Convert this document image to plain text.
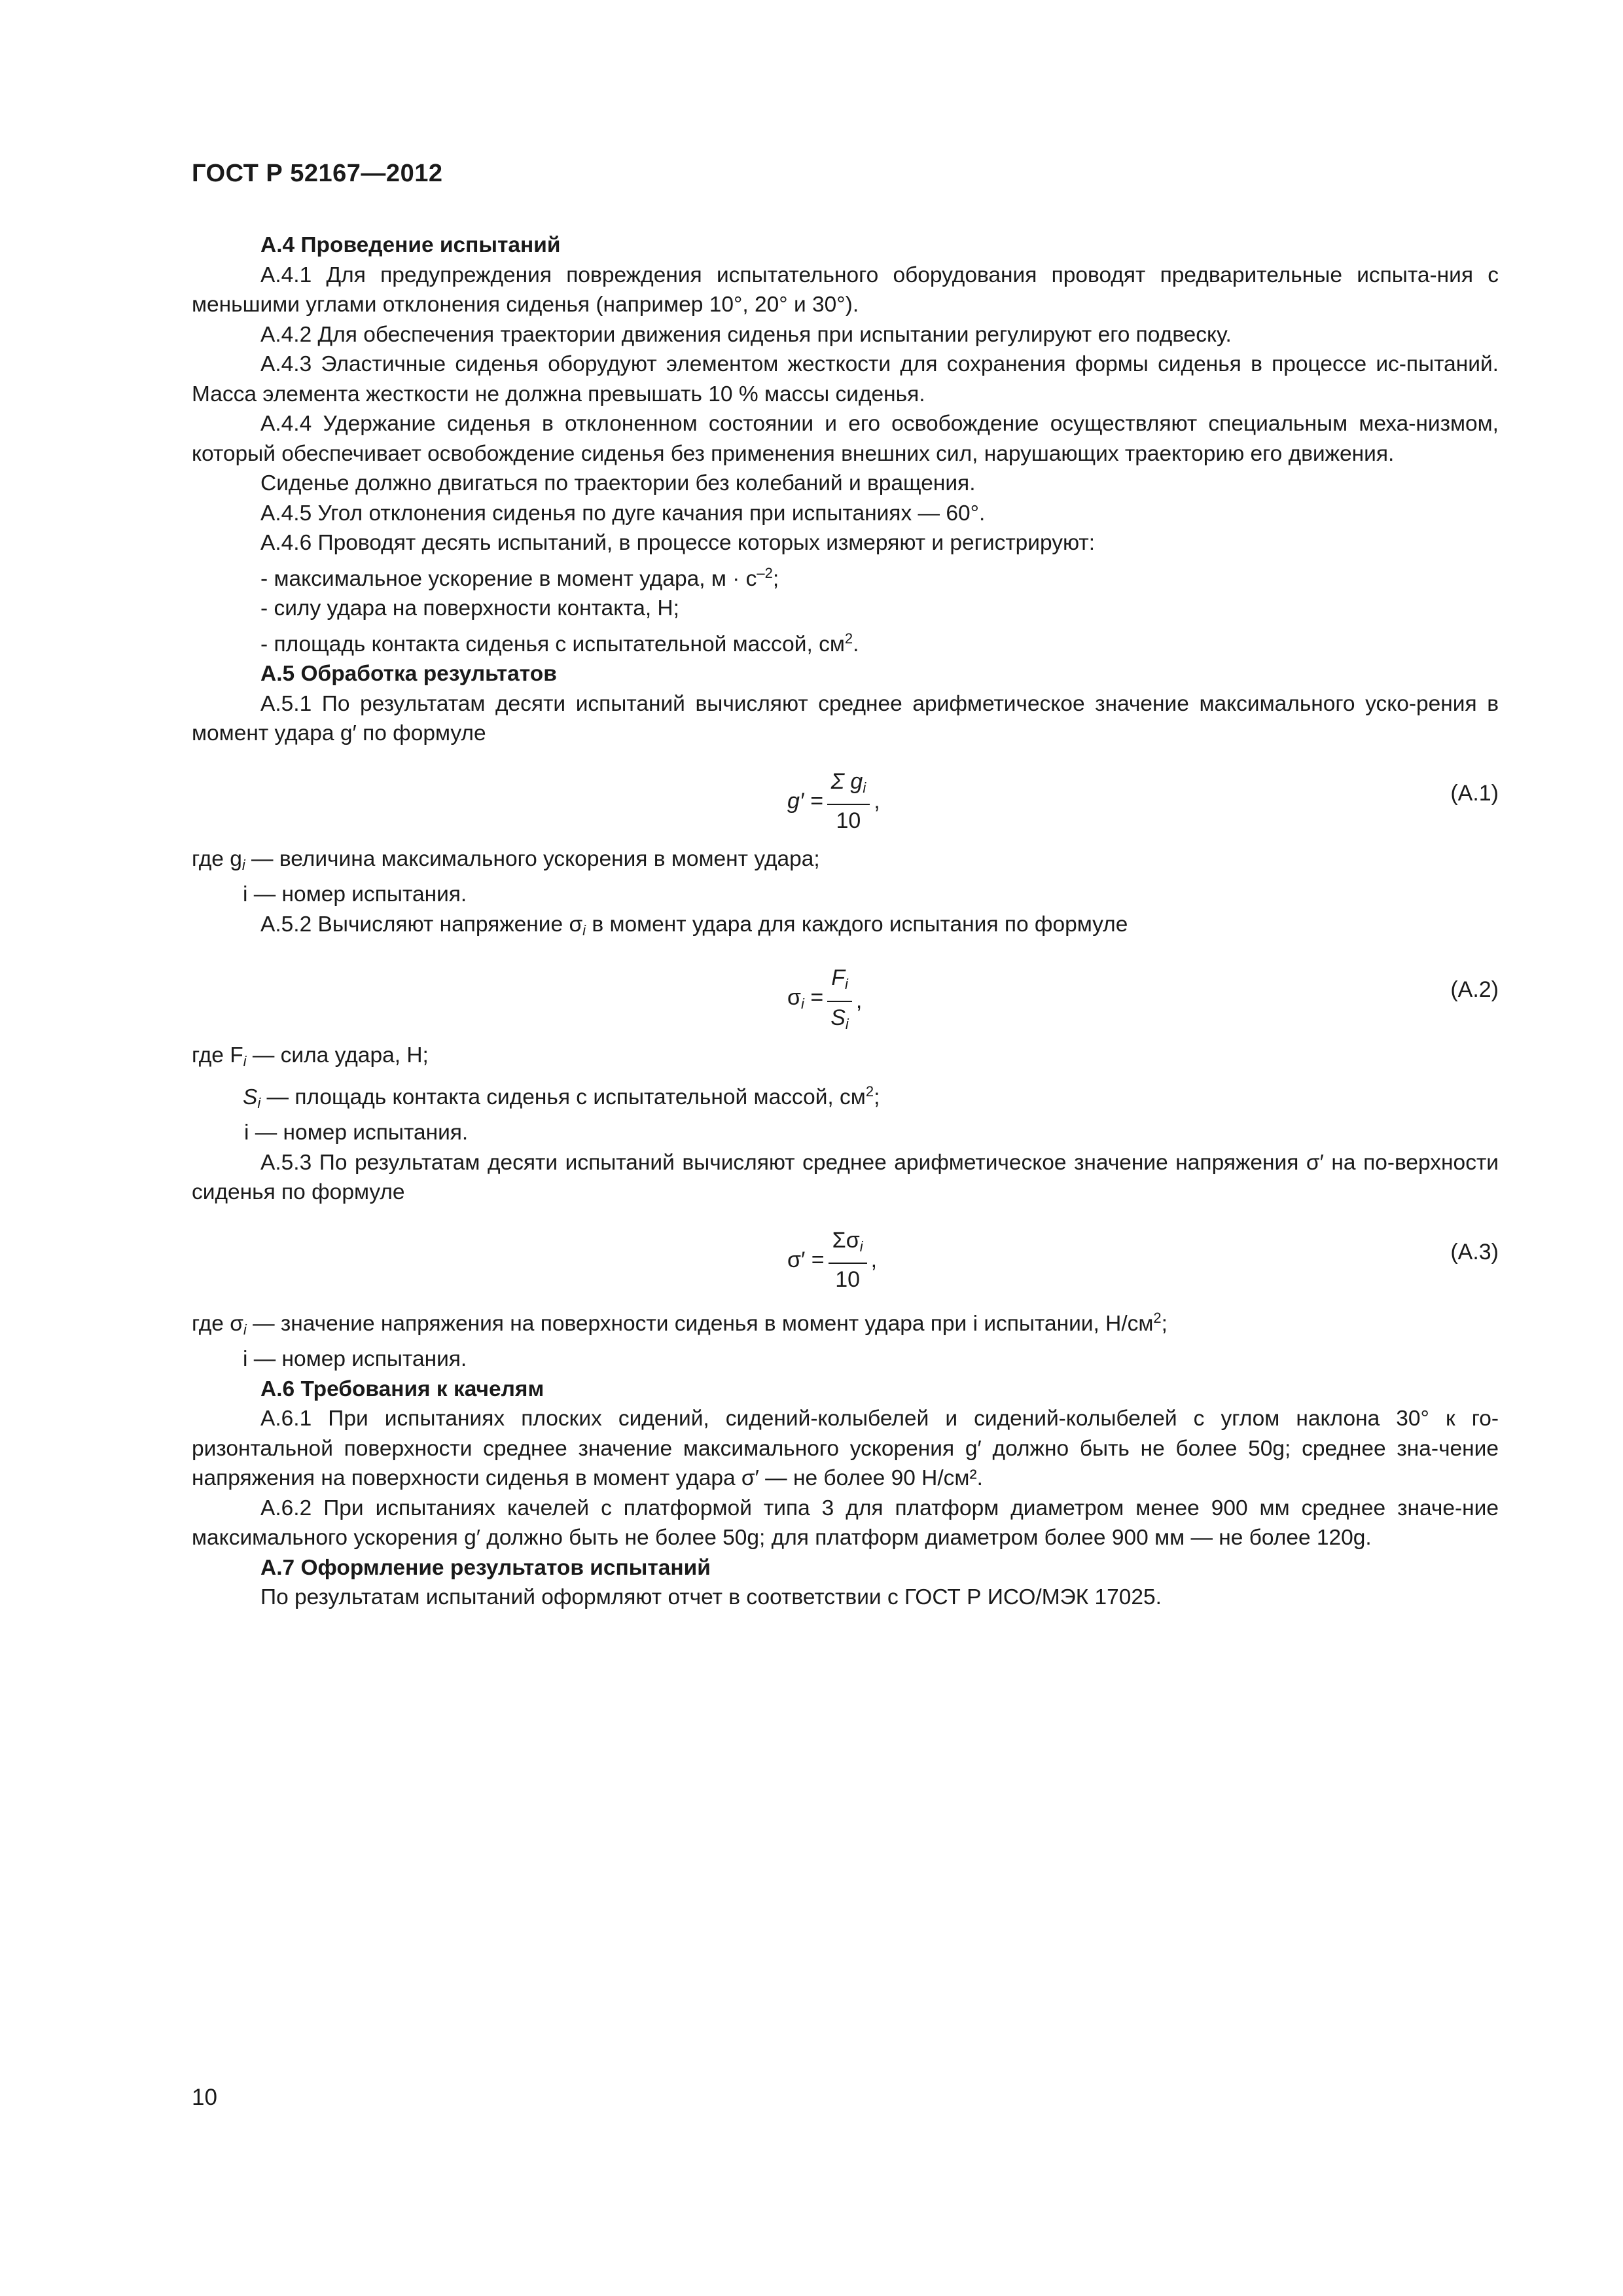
ГОСТ Р 52167—2012

А.4 Проведение испытаний

А.4.1 Для предупреждения повреждения испытательного оборудования проводят предварительные испыта-ния с меньшими углами отклонения сиденья (например 10°, 20° и 30°).

А.4.2 Для обеспечения траектории движения сиденья при испытании регулируют его подвеску.

А.4.3 Эластичные сиденья оборудуют элементом жесткости для сохранения формы сиденья в процессе ис-пытаний. Масса элемента жесткости не должна превышать 10 % массы сиденья.

А.4.4 Удержание сиденья в отклоненном состоянии и его освобождение осуществляют специальным меха-низмом, который обеспечивает освобождение сиденья без применения внешних сил, нарушающих траекторию его движения.

Сиденье должно двигаться по траектории без колебаний и вращения.

А.4.5 Угол отклонения сиденья по дуге качания при испытаниях — 60°.

А.4.6 Проводят десять испытаний, в процессе которых измеряют и регистрируют:

- максимальное ускорение в момент удара, $м \cdot с^{-2}$;

- силу удара на поверхности контакта, Н;

- площадь контакта сиденья с испытательной массой, $см^2$.

А.5 Обработка результатов

А.5.1 По результатам десяти испытаний вычисляют среднее арифметическое значение максимального уско-рения в момент удара g′ по формуле

$g' = \frac{\Sigma g_i}{10}$ ,	(А.1)

где $g_i$ — величина максимального ускорения в момент удара;

i — номер испытания.

А.5.2 Вычисляют напряжение $\sigma_i$ в момент удара для каждого испытания по формуле

$\sigma_i = \frac{F_i}{S_i}$ ,	(А.2)

где $F_i$ — сила удара, Н;

$S_i$ — площадь контакта сиденья с испытательной массой, $см^2$;

i — номер испытания.

А.5.3 По результатам десяти испытаний вычисляют среднее арифметическое значение напряжения σ′ на по-верхности сиденья по формуле

$\sigma' = \frac{\Sigma\sigma_i}{10}$ ,	(А.3)

где $\sigma_i$ — значение напряжения на поверхности сиденья в момент удара при i испытании, $Н/см^2$;

i — номер испытания.

А.6 Требования к качелям

А.6.1 При испытаниях плоских сидений, сидений-колыбелей и сидений-колыбелей с углом наклона 30° к го-ризонтальной поверхности среднее значение максимального ускорения g′ должно быть не более 50g; среднее зна-чение напряжения на поверхности сиденья в момент удара σ′ — не более 90 Н/см².

А.6.2 При испытаниях качелей с платформой типа 3 для платформ диаметром менее 900 мм среднее значе-ние максимального ускорения g′ должно быть не более 50g; для платформ диаметром более 900 мм — не более 120g.

А.7 Оформление результатов испытаний

По результатам испытаний оформляют отчет в соответствии с ГОСТ Р ИСО/МЭК 17025.

10
